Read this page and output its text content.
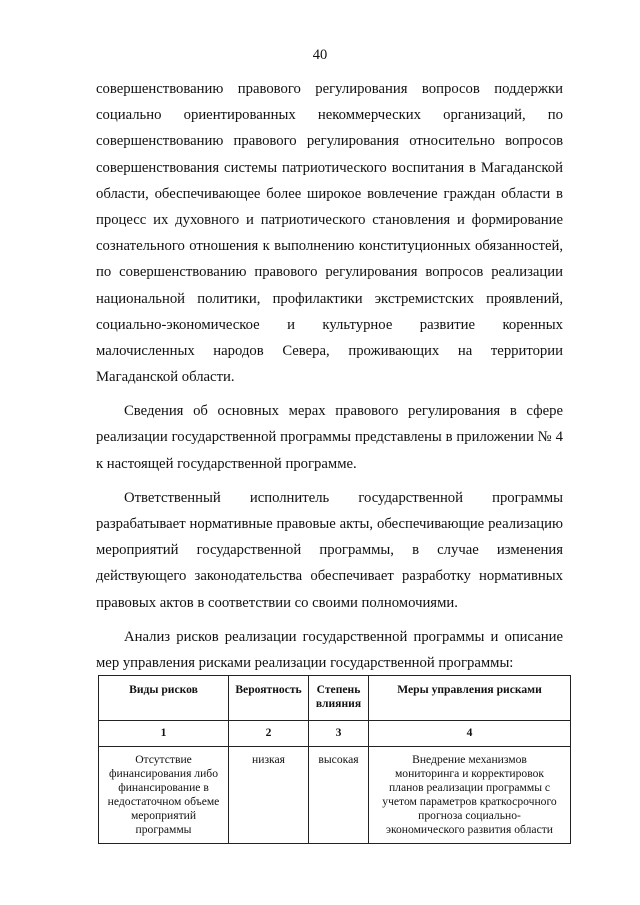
40
совершенствованию правового регулирования вопросов поддержки
социально ориентированных некоммерческих организаций, по
совершенствованию правового регулирования относительно вопросов
совершенствования системы патриотического воспитания в Магаданской
области, обеспечивающее более широкое вовлечение граждан области в
процесс их духовного и патриотического становления и формирование
сознательного отношения к выполнению конституционных обязанностей,
по совершенствованию правового регулирования вопросов реализации
национальной политики, профилактики экстремистских проявлений,
социально-экономическое и культурное развитие коренных
малочисленных народов Севера, проживающих на территории
Магаданской области.
Сведения об основных мерах правового регулирования в сфере
реализации государственной программы представлены в приложении № 4
к настоящей государственной программе.
Ответственный исполнитель государственной программы
разрабатывает нормативные правовые акты, обеспечивающие реализацию
мероприятий государственной программы, в случае изменения
действующего законодательства обеспечивает разработку нормативных
правовых актов в соответствии со своими полномочиями.
Анализ рисков реализации государственной программы и описание
мер управления рисками реализации государственной программы:
Виды рисков	Вероятность	Степень влияния	Меры управления рисками
1	2	3	4
Отсутствие финансирования либо финансирование в недостаточном объеме мероприятий программы	низкая	высокая	Внедрение механизмов мониторинга и корректировок планов реализации программы с учетом параметров краткосрочного прогноза социально-экономического развития области
